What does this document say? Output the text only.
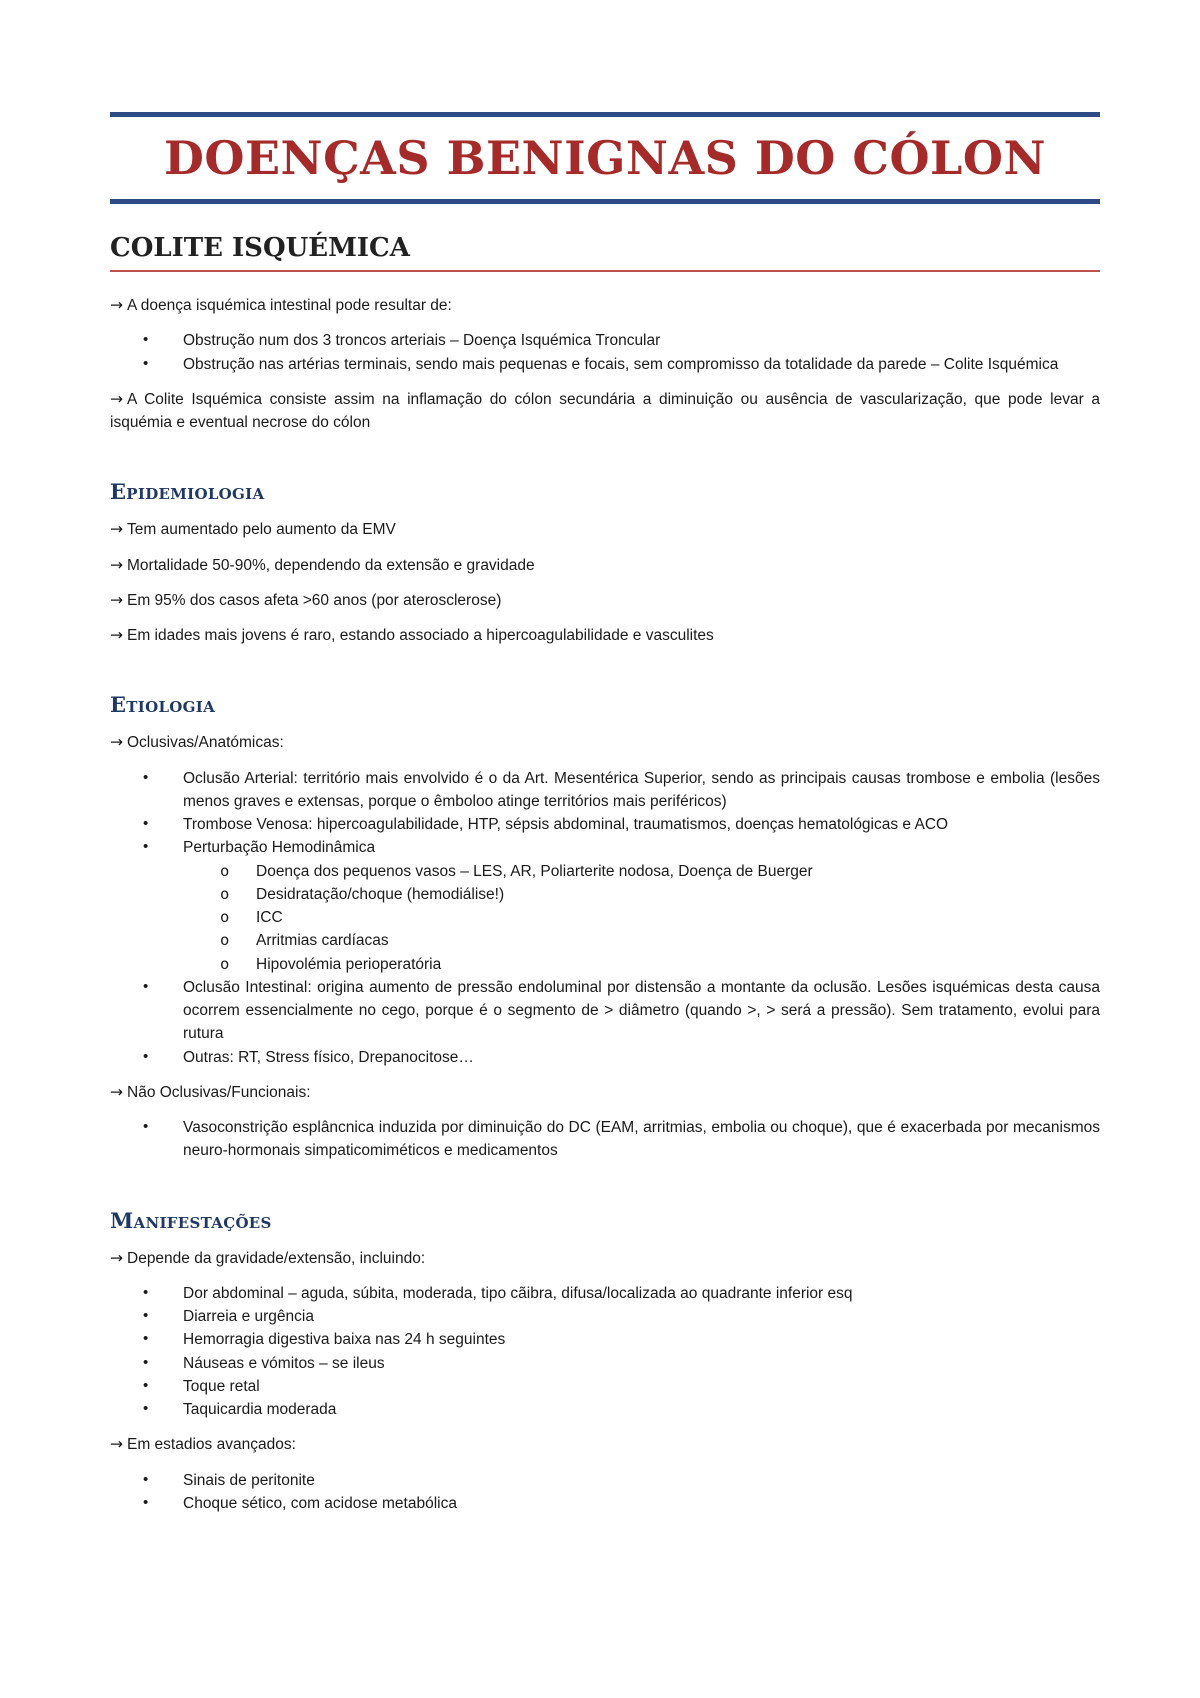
DOENÇAS BENIGNAS DO CÓLON
COLITE ISQUÉMICA

→ A doença isquémica intestinal pode resultar de:

• Obstrução num dos 3 troncos arteriais – Doença Isquémica Troncular
• Obstrução nas artérias terminais, sendo mais pequenas e focais, sem compromisso da totalidade da parede – Colite Isquémica

→ A Colite Isquémica consiste assim na inflamação do cólon secundária a diminuição ou ausência de vascularização, que pode levar a isquémia e eventual necrose do cólon

Epidemiologia

→ Tem aumentado pelo aumento da EMV

→ Mortalidade 50-90%, dependendo da extensão e gravidade

→ Em 95% dos casos afeta >60 anos (por aterosclerose)

→ Em idades mais jovens é raro, estando associado a hipercoagulabilidade e vasculites

Etiologia

→ Oclusivas/Anatómicas:

• Oclusão Arterial: território mais envolvido é o da Art. Mesentérica Superior, sendo as principais causas trombose e embolia (lesões menos graves e extensas, porque o êmboloo atinge territórios mais periféricos)
• Trombose Venosa: hipercoagulabilidade, HTP, sépsis abdominal, traumatismos, doenças hematológicas e ACO
• Perturbação Hemodinâmica
o Doença dos pequenos vasos – LES, AR, Poliarterite nodosa, Doença de Buerger
o Desidratação/choque (hemodiálise!)
o ICC
o Arritmias cardíacas
o Hipovolémia perioperatória
• Oclusão Intestinal: origina aumento de pressão endoluminal por distensão a montante da oclusão. Lesões isquémicas desta causa ocorrem essencialmente no cego, porque é o segmento de > diâmetro (quando >, > será a pressão). Sem tratamento, evolui para rutura
• Outras: RT, Stress físico, Drepanocitose…

→ Não Oclusivas/Funcionais:

• Vasoconstrição esplâncnica induzida por diminuição do DC (EAM, arritmias, embolia ou choque), que é exacerbada por mecanismos neuro-hormonais simpaticomiméticos e medicamentos
Manifestações

→ Depende da gravidade/extensão, incluindo:

• Dor abdominal – aguda, súbita, moderada, tipo cãibra, difusa/localizada ao quadrante inferior esq
• Diarreia e urgência
• Hemorragia digestiva baixa nas 24 h seguintes
• Náuseas e vómitos – se ileus
• Toque retal
• Taquicardia moderada

→ Em estadios avançados:

• Sinais de peritonite
• Choque sético, com acidose metabólica
